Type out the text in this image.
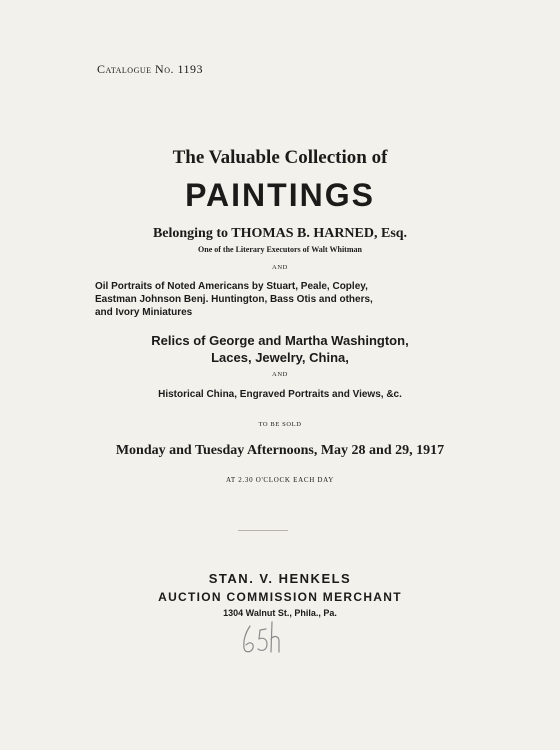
Catalogue No. 1193
The Valuable Collection of
PAINTINGS
Belonging to THOMAS B. HARNED, Esq.
One of the Literary Executors of Walt Whitman
AND
Oil Portraits of Noted Americans by Stuart, Peale, Copley,
Eastman Johnson Benj. Huntington, Bass Otis and others,
and Ivory Miniatures
Relics of George and Martha Washington,
Laces, Jewelry, China,
AND
Historical China, Engraved Portraits and Views, &c.
TO BE SOLD
Monday and Tuesday Afternoons, May 28 and 29, 1917
AT 2.30 O'CLOCK EACH DAY
STAN. V. HENKELS
AUCTION COMMISSION MERCHANT
1304 Walnut St., Phila., Pa.
